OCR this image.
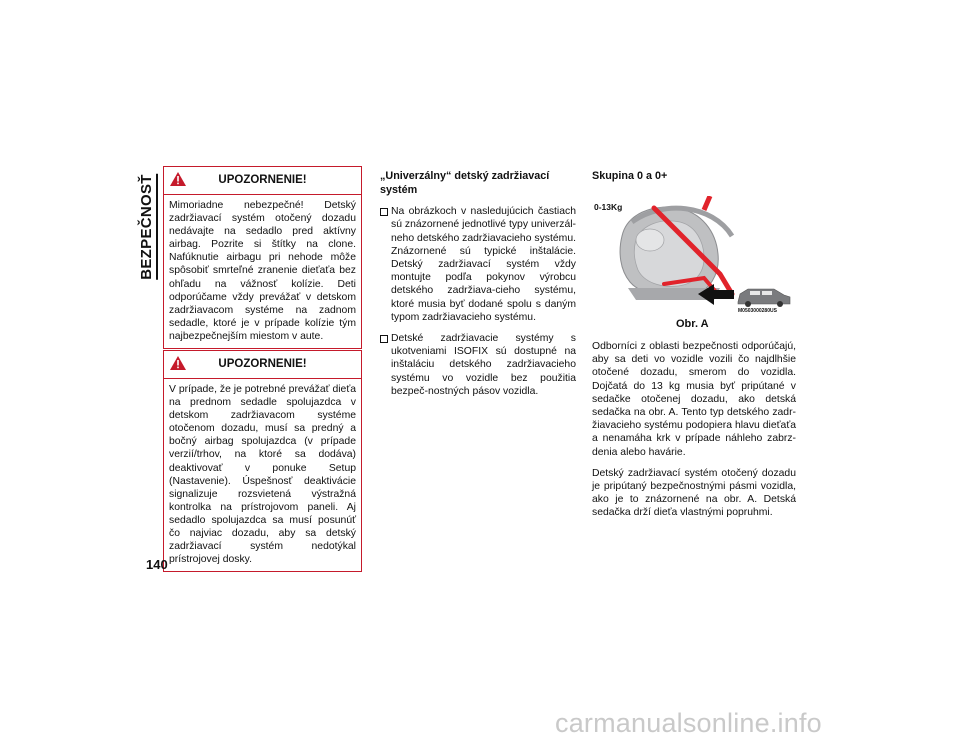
BEZPEČNOSŤ	UPOZORNENIE!
Mimoriadne nebezpečné! Detský zadržiavací systém otočený dozadu nedávajte na sedadlo pred aktívny airbag. Pozrite si štítky na clone. Nafúknutie airbagu pri nehode môže spôsobiť smrteľné zranenie dieťaťa bez ohľadu na vážnosť kolízie. Deti odporúčame vždy prevážať v detskom zadržiavacom systéme na zadnom sedadle, ktoré je v prípade kolízie tým najbezpečnejším miestom v aute.
UPOZORNENIE!
V prípade, že je potrebné prevážať dieťa na prednom sedadle spolujazdca v detskom zadržiavacom systéme otočenom dozadu, musí sa predný a bočný airbag spolujazdca (v prípade verzií/trhov, na ktoré sa dodáva) deaktivovať v ponuke Setup (Nastavenie). Úspešnosť deaktivácie signalizuje rozsvietená výstražná kontrolka na prístrojovom paneli. Aj sedadlo spolujazdca sa musí posunúť čo najviac dozadu, aby sa detský zadržiavací systém nedotýkal prístrojovej dosky.
„Univerzálny“ detský zadržiavací systém
Na obrázkoch v nasledujúcich častiach sú znázornené jednotlivé typy univerzál-neho detského zadržiavacieho systému. Znázornené sú typické inštalácie. Detský zadržiavací systém vždy montujte podľa pokynov výrobcu detského zadržiava-cieho systému, ktoré musia byť dodané spolu s daným typom zadržiavacieho systému.
Detské zadržiavacie systémy s ukotveniami ISOFIX sú dostupné na inštaláciu detského zadržiavacieho systému vo vozidle bez použitia bezpeč-nostných pásov vozidla.
Skupina 0 a 0+
0-13Kg
M0503000280US
Obr. A

Odborníci z oblasti bezpečnosti odporúčajú, aby sa deti vo vozidle vozili čo najdlhšie otočené dozadu, smerom do vozidla. Dojčatá do 13 kg musia byť pripútané v sedačke otočenej dozadu, ako detská sedačka na obr. A. Tento typ detského zadr-žiavacieho systému podopiera hlavu dieťaťa a nenamáha krk v prípade náhleho zabrz-denia alebo havárie.

Detský zadržiavací systém otočený dozadu je pripútaný bezpečnostnými pásmi vozidla, ako je to znázornené na obr. A. Detská sedačka drží dieťa vlastnými popruhmi.

140
carmanualsonline.info
